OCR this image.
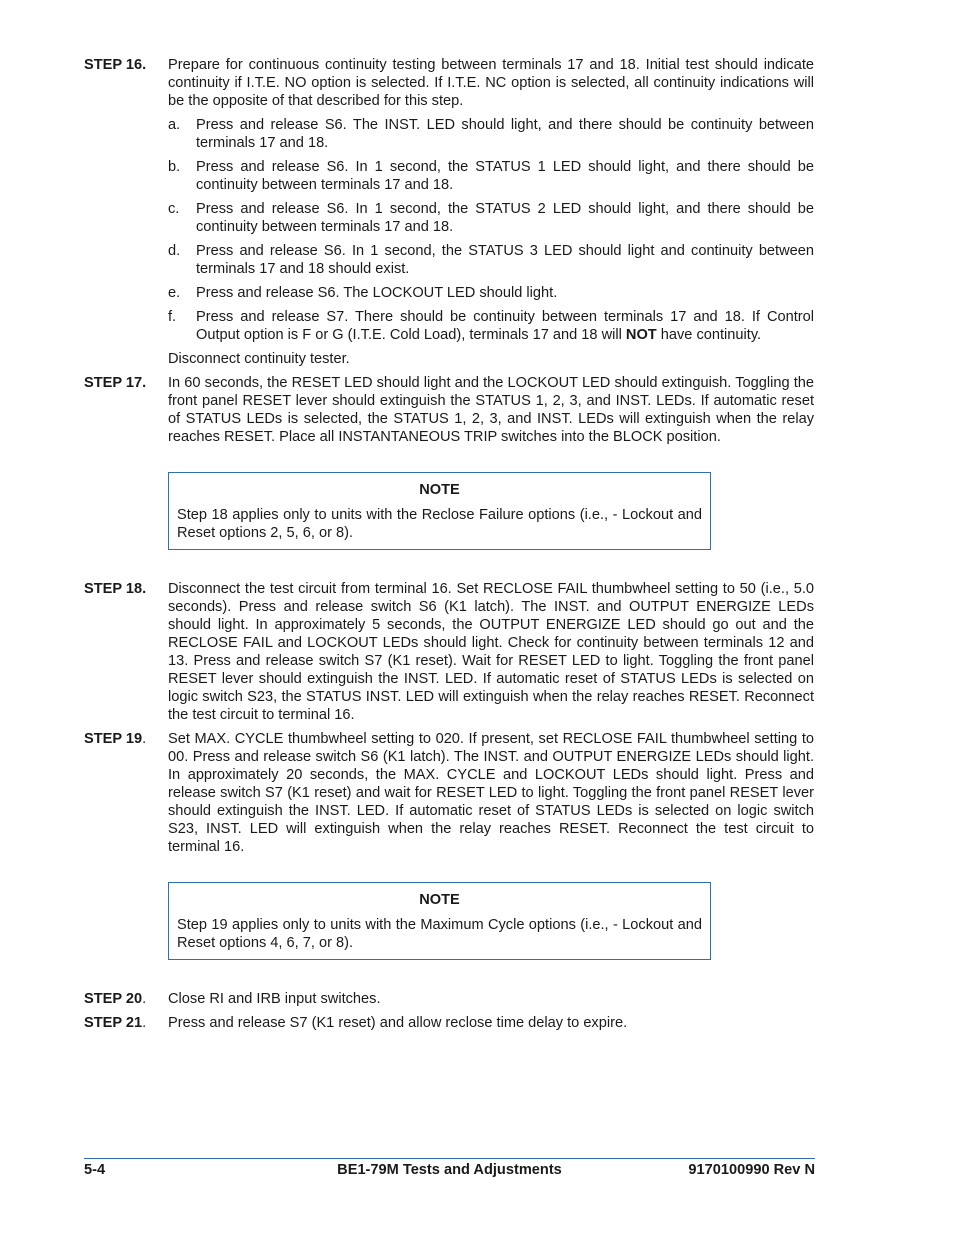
STEP 16. Prepare for continuous continuity testing between terminals 17 and 18. Initial test should indicate continuity if I.T.E. NO option is selected. If I.T.E. NC option is selected, all continuity indications will be the opposite of that described for this step.
a. Press and release S6. The INST. LED should light, and there should be continuity between terminals 17 and 18.
b. Press and release S6. In 1 second, the STATUS 1 LED should light, and there should be continuity between terminals 17 and 18.
c. Press and release S6. In 1 second, the STATUS 2 LED should light, and there should be continuity between terminals 17 and 18.
d. Press and release S6. In 1 second, the STATUS 3 LED should light and continuity between terminals 17 and 18 should exist.
e. Press and release S6. The LOCKOUT LED should light.
f. Press and release S7. There should be continuity between terminals 17 and 18. If Control Output option is F or G (I.T.E. Cold Load), terminals 17 and 18 will NOT have continuity.
Disconnect continuity tester.
STEP 17. In 60 seconds, the RESET LED should light and the LOCKOUT LED should extinguish. Toggling the front panel RESET lever should extinguish the STATUS 1, 2, 3, and INST. LEDs. If automatic reset of STATUS LEDs is selected, the STATUS 1, 2, 3, and INST. LEDs will extinguish when the relay reaches RESET. Place all INSTANTANEOUS TRIP switches into the BLOCK position.
NOTE
Step 18 applies only to units with the Reclose Failure options (i.e., - Lockout and Reset options 2, 5, 6, or 8).
STEP 18. Disconnect the test circuit from terminal 16. Set RECLOSE FAIL thumbwheel setting to 50 (i.e., 5.0 seconds). Press and release switch S6 (K1 latch). The INST. and OUTPUT ENERGIZE LEDs should light. In approximately 5 seconds, the OUTPUT ENERGIZE LED should go out and the RECLOSE FAIL and LOCKOUT LEDs should light. Check for continuity between terminals 12 and 13. Press and release switch S7 (K1 reset). Wait for RESET LED to light. Toggling the front panel RESET lever should extinguish the INST. LED. If automatic reset of STATUS LEDs is selected on logic switch S23, the STATUS INST. LED will extinguish when the relay reaches RESET. Reconnect the test circuit to terminal 16.
STEP 19. Set MAX. CYCLE thumbwheel setting to 020. If present, set RECLOSE FAIL thumbwheel setting to 00. Press and release switch S6 (K1 latch). The INST. and OUTPUT ENERGIZE LEDs should light. In approximately 20 seconds, the MAX. CYCLE and LOCKOUT LEDs should light. Press and release switch S7 (K1 reset) and wait for RESET LED to light. Toggling the front panel RESET lever should extinguish the INST. LED. If automatic reset of STATUS LEDs is selected on logic switch S23, INST. LED will extinguish when the relay reaches RESET. Reconnect the test circuit to terminal 16.
NOTE
Step 19 applies only to units with the Maximum Cycle options (i.e., - Lockout and Reset options 4, 6, 7, or 8).
STEP 20. Close RI and IRB input switches.
STEP 21. Press and release S7 (K1 reset) and allow reclose time delay to expire.
5-4	BE1-79M Tests and Adjustments	9170100990 Rev N
